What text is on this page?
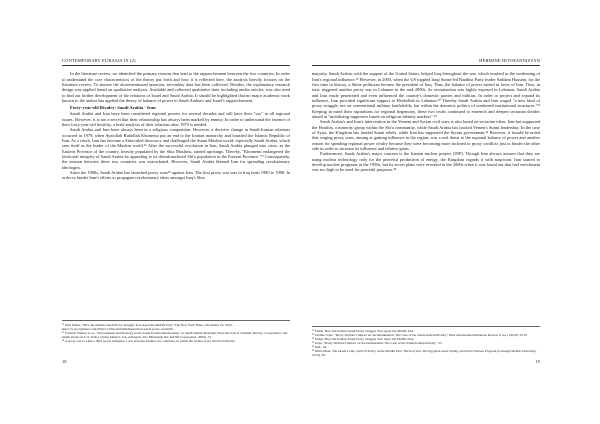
CONTEMPORARY EURASIA IX (2)

In the literature review, we identified the primary reasons that lead to the rapprochement between the two countries. In order to understand the core characteristics of the theory put forth and how it is reflected here, the analysis heavily focuses on the literature review. To answer the aforementioned question, secondary data has been collected. Besides, the explanatory research design was applied based on qualitative analysis. Available and collected qualitative data, including media articles, was also used to find out further development of the relations of Israel and Saudi Arabia. It should be highlighted that no major academic work known to the author has applied the theory of balance of power to Saudi Arabia's and Israel's rapprochement.

Forty-year-old Rivalry: Saudi Arabia - Iran

Saudi Arabia and Iran have been considered regional powers for several decades and still have their "say" in all regional issues. However, it is not a secret that their relationship has always been marked by enmity. In order to understand the essence of their forty-year-old hostility, a brief analysis of their relations after 1979 is needed.

Saudi Arabia and Iran have always been in a religious competition. However, a decisive change in Saudi-Iranian relations occurred in 1979, when Ayatollah Ruhollah Khomeini put an end to the Iranian monarchy and founded the Islamic Republic of Iran. As a result, Iran has become a Shia-ruled theocracy and challenged the Sunni Muslim world, especially Saudi Arabia, which sees itself as the leader of the Muslim world.¹⁶ After the successful revolution in Iran, Saudi Arabia plunged into crisis, as the Eastern Province of the country, heavily populated by the Shia Muslims, started uprisings. Thereby, "Khomeini endangered the territorial integrity of Saudi Arabia by appealing to its disenfranchised Shi'a population in the Eastern Province."¹⁷ Consequently, the tension between these two countries was exacerbated. However, Saudi Arabia blamed Iran for spreading revolutionary ideologies.

Since the 1980s, Saudi Arabia has launched proxy wars¹⁸ against Iran. The first proxy war was in Iraq from 1980 to 1988. In order to hinder Iran's efforts to propagate revolutionary ideas amongst Iraq's Shia

¹⁶ Max Fisher, "How the Iranian-Saudi Proxy Struggle Tore Apart the Middle East," The New York Times, November 19, 2016, https://www.nytimes.com/2016/11/20/world/middleeast/iran-saudi-proxy-war.html.

¹⁷ Frederic Wehrey et al., "Sectarianism and Ideology in the Saudi-Iranian Relationship," in Saudi-Iranian Relations Since the Fall of Saddam: Rivalry, Cooperation, and Implications for U.S. Policy (Santa Monica, CA; Arlington, VA; Pittsburgh, PA: RAND Corporation, 2009), 13.

¹⁸ A proxy war is when a third power instigates a war between another two countries, in which the former is not involved directly.

18
HERMINE HOVHANNISYAN

majority, Saudi Arabia, with the support of the United States, helped Iraq throughout the war, which resulted in the weakening of Iran's regional influence.¹⁹ However, in 2003, when the US toppled Iraqi Sunni-led Baathist Party leader Saddam Hussein, for the first time in history, a Shiite politician became the president of Iraq. Thus, the balance of power turned in favor of Iran. Thus, in turn, triggered another proxy war in Lebanon in the mid-2000s. As sectarianism was highly exposed in Lebanon, Saudi Arabia and Iran easily penetrated and even influenced the country's domestic parties and militias. In order to project and expand its influence, Iran provided significant support to Hezbollah in Lebanon.²⁰ Thereby Saudi Arabia and Iran waged "a new kind of proxy struggle, not on conventional military battlefields, but within the domestic politics of weakened institutional structures."²¹ Keeping in mind their aspirations for regional hegemony, these two rivals continued to entrench and deepen sectarian divides aimed at "mobilizing supporters based on religious identity markers".²²

Saudi Arabia's and Iran's intervention in the Yemeni and Syrian civil wars is also based on sectarian ideas. Iran has supported the Houthis, a minority group within the Shi'a community, while Saudi Arabia has backed Yemen's Sunni leadership. In the case of Syria, the Kingdom has funded Sunni rebels, while Iran has supported the Syrian government.²³ However, it should be noted that waging proxy wars, aiming at gaining influence in the region, was a real threat to the regional balance of power and another reason for spending regional power rivalry because they were becoming more inclined to proxy conflicts just to hinder the other side in order to increase its influence and relative gains.

Furthermore, Saudi Arabia's major concern is the Iranian nuclear project (INP). Though Iran always assures that they are using nuclear technology only for the peaceful production of energy, the Kingdom regards it with suspicion. Iran started to develop nuclear programs in the 1950s, but its secret plans were revealed in the 2000s when it was found out that fuel enrichment was too high to be used for peaceful purposes.²⁴

¹⁹ Fisher, How the Iranian-Saudi Proxy Struggle Tore Apart the Middle East.

²⁰ Nadine Gaps, "Proxy Warfare's Impact on Sectarianization: The Case of the Saudi-Iranian Rivalry," Heer International Relations Review 9, no.1 (2018): 23.35

²¹ Fisher, How the Iranian-Saudi Proxy Struggle Tore Apart the Middle East.

²² Gaps, "Proxy Warfare's Impact on Sectarianization: The Case of the Saudi-Iranian Rivalry," 23.

²³ Ibid., 34.

²⁴ Nima Mian, The Israeli Lobby and US Policy in the Middle East: The Iraq War, The Egyptian-Arab Spring, and Iran's Nuclear Program (Carnegie Mellon University, 2014), 38.

19
